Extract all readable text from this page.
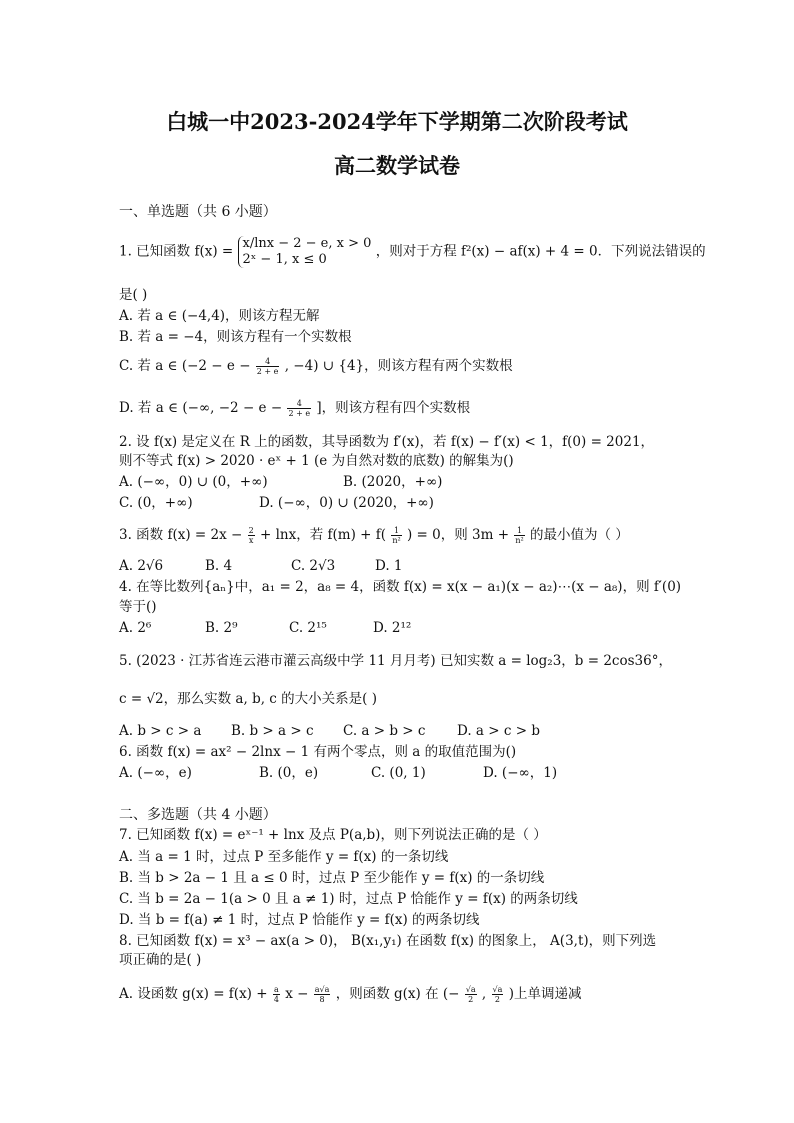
白城一中2023-2024学年下学期第二次阶段考试
高二数学试卷
一、单选题（共 6 小题）
1. 已知函数 f(x) = x/lnx − 2 − e, x > 0
2ˣ − 1, x ≤ 0	，则对于方程 f²(x) − af(x) + 4 = 0．下列说法错误的
是( )
A. 若 a ∈ (−4,4)，则该方程无解
B. 若 a = −4，则该方程有一个实数根
C. 若 a ∈ ($-2 - e - \frac{4}{2 + e}$ , −4) ∪ {4}，则该方程有两个实数根
D. 若 a ∈ (−∞, $-2 - e - \frac{4}{2 + e}$ ]，则该方程有四个实数根
2. 设 f(x) 是定义在 R 上的函数，其导函数为 f′(x)，若 f(x) − f′(x) < 1，f(0) = 2021，
则不等式 f(x) > 2020 · eˣ + 1 (e 为自然对数的底数) 的解集为()
A. (−∞，0) ∪ (0，+∞)	B. (2020，+∞)
C. (0，+∞)	D. (−∞，0) ∪ (2020，+∞)
3. 函数 $f(x) = 2x - \frac{2}{x} + \ln x$，若 $f(m) + f( \frac{1}{\text{n²}}$ ) = 0，则 $3m + \frac{1}{\text{n²}}$ 的最小值为（ ）
A. 2√6	B. 4	C. 2√3	D. 1
4. 在等比数列{aₙ}中，a₁ = 2，a₈ = 4，函数 f(x) = x(x − a₁)(x − a₂)⋯(x − a₈)，则 f′(0)
等于()
A. 2⁶	B. 2⁹	C. 2¹⁵	D. 2¹²
5. (2023 · 江苏省连云港市灌云高级中学 11 月月考) 已知实数 a = log₂3，b = 2cos36°，
c = √2，那么实数 a, b, c 的大小关系是( )
A. b > c > a B. b > a > c C. a > b > c D. a > c > b
6. 函数 f(x) = ax² − 2lnx − 1 有两个零点，则 a 的取值范围为()
A. (−∞，e)	B. (0，e)	C. (0, 1)	D. (−∞，1)
二、多选题（共 4 小题）
7. 已知函数 f(x) = eˣ⁻¹ + lnx 及点 P(a,b)，则下列说法正确的是（ ）
A. 当 a = 1 时，过点 P 至多能作 y = f(x) 的一条切线
B. 当 b > 2a − 1 且 a ≤ 0 时，过点 P 至少能作 y = f(x) 的一条切线
C. 当 b = 2a − 1(a > 0 且 a ≠ 1) 时，过点 P 恰能作 y = f(x) 的两条切线
D. 当 b = f(a) ≠ 1 时，过点 P 恰能作 y = f(x) 的两条切线
8. 已知函数 f(x) = x³ − ax(a > 0)， B(x₁,y₁) 在函数 f(x) 的图象上， A(3,t)，则下列选
项正确的是( )
A. 设函数 $g(x) = f(x) + \frac{a}{4}$ $x - \frac{a√a}{8}$ ，则函数 g(x) 在 (− $\frac{√a}{2}$ , $\frac{√a}{2}$ )上单调递减
